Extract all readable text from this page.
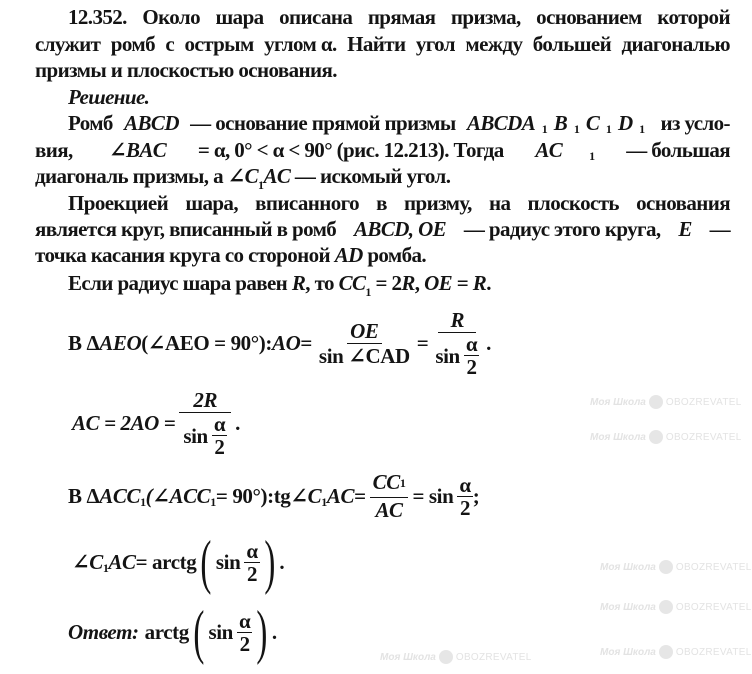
Моя Школа OBOZREVATEL
Моя Школа OBOZREVATEL
Моя Школа OBOZREVATEL
Моя Школа OBOZREVATEL
Моя Школа OBOZREVATEL
Моя Школа OBOZREVATEL
12.352. Около шара описана прямая призма, основанием которой
служит ромб с острым углом α. Найти угол между большей диагональю
призмы и плоскостью основания.
Решение.
Ромб ABCD — основание прямой призмы ABCDA 1 B 1 C 1 D 1 из усло-
вия, ∠BAC = α, 0° < α < 90° (рис. 12.213). Тогда AC 1 — большая
диагональ призмы, а $\angle C_1AC$ — искомый угол.
Проекцией шара, вписанного в призму, на плоскость основания
является круг, вписанный в ромб ABCD, OE — радиус этого круга, E —
точка касания круга со стороной AD ромба.
Если радиус шара равен R, то $CC_1 = 2R$, OE = R.
В Δ AEO (∠AEO = 90°): AO = $\frac{OE}{\text{sin ∠CAD}} = \frac{R}{\sin \frac{\alpha}{2}}$ .
AC = $2AO = \frac{2R}{\sin \frac{\alpha}{2}}$ .
В Δ ACC 1 (∠ACC 1 = 90°): tg ∠C 1 AC = $\frac{CC1}{AC} = \sin \frac{\alpha}{2}$ ;
∠C 1 AC = arctg ( $\sin \frac{\alpha}{2}$ ) .
Ответ: arctg ( $\sin \frac{\alpha}{2}$ ) .
